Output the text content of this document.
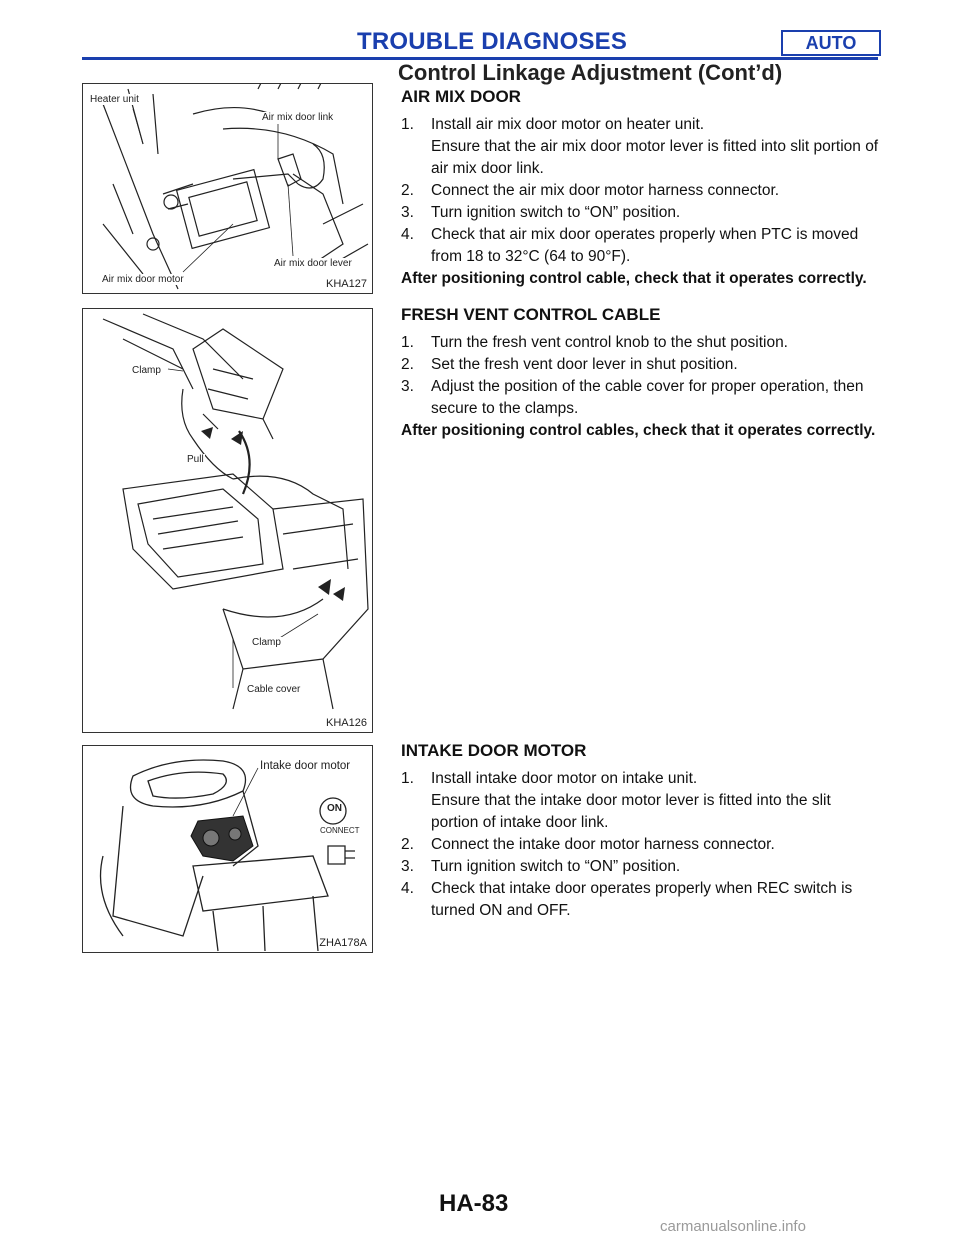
TROUBLE DIAGNOSES	AUTO
Control Linkage Adjustment (Cont’d)
Heater unit
Air mix door link
Air mix door lever
Air mix door motor	KHA127
Clamp
Pull
Clamp
Cable cover
KHA126
Intake door motor
ON
CONNECT
ZHA178A
AIR MIX DOOR

1. Install air mix door motor on heater unit.
Ensure that the air mix door motor lever is fitted into slit portion of air mix door link.

2. Connect the air mix door motor harness connector.

3. Turn ignition switch to “ON” position.

4. Check that air mix door operates properly when PTC is moved from 18 to 32°C (64 to 90°F).

After positioning control cable, check that it operates correctly.

FRESH VENT CONTROL CABLE

1. Turn the fresh vent control knob to the shut position.

2. Set the fresh vent door lever in shut position.

3. Adjust the position of the cable cover for proper operation, then secure to the clamps.

After positioning control cables, check that it operates correctly.

INTAKE DOOR MOTOR

1. Install intake door motor on intake unit.
Ensure that the intake door motor lever is fitted into the slit portion of intake door link.

2. Connect the intake door motor harness connector.

3. Turn ignition switch to “ON” position.

4. Check that intake door operates properly when REC switch is turned ON and OFF.

HA-83
carmanualsonline.info
